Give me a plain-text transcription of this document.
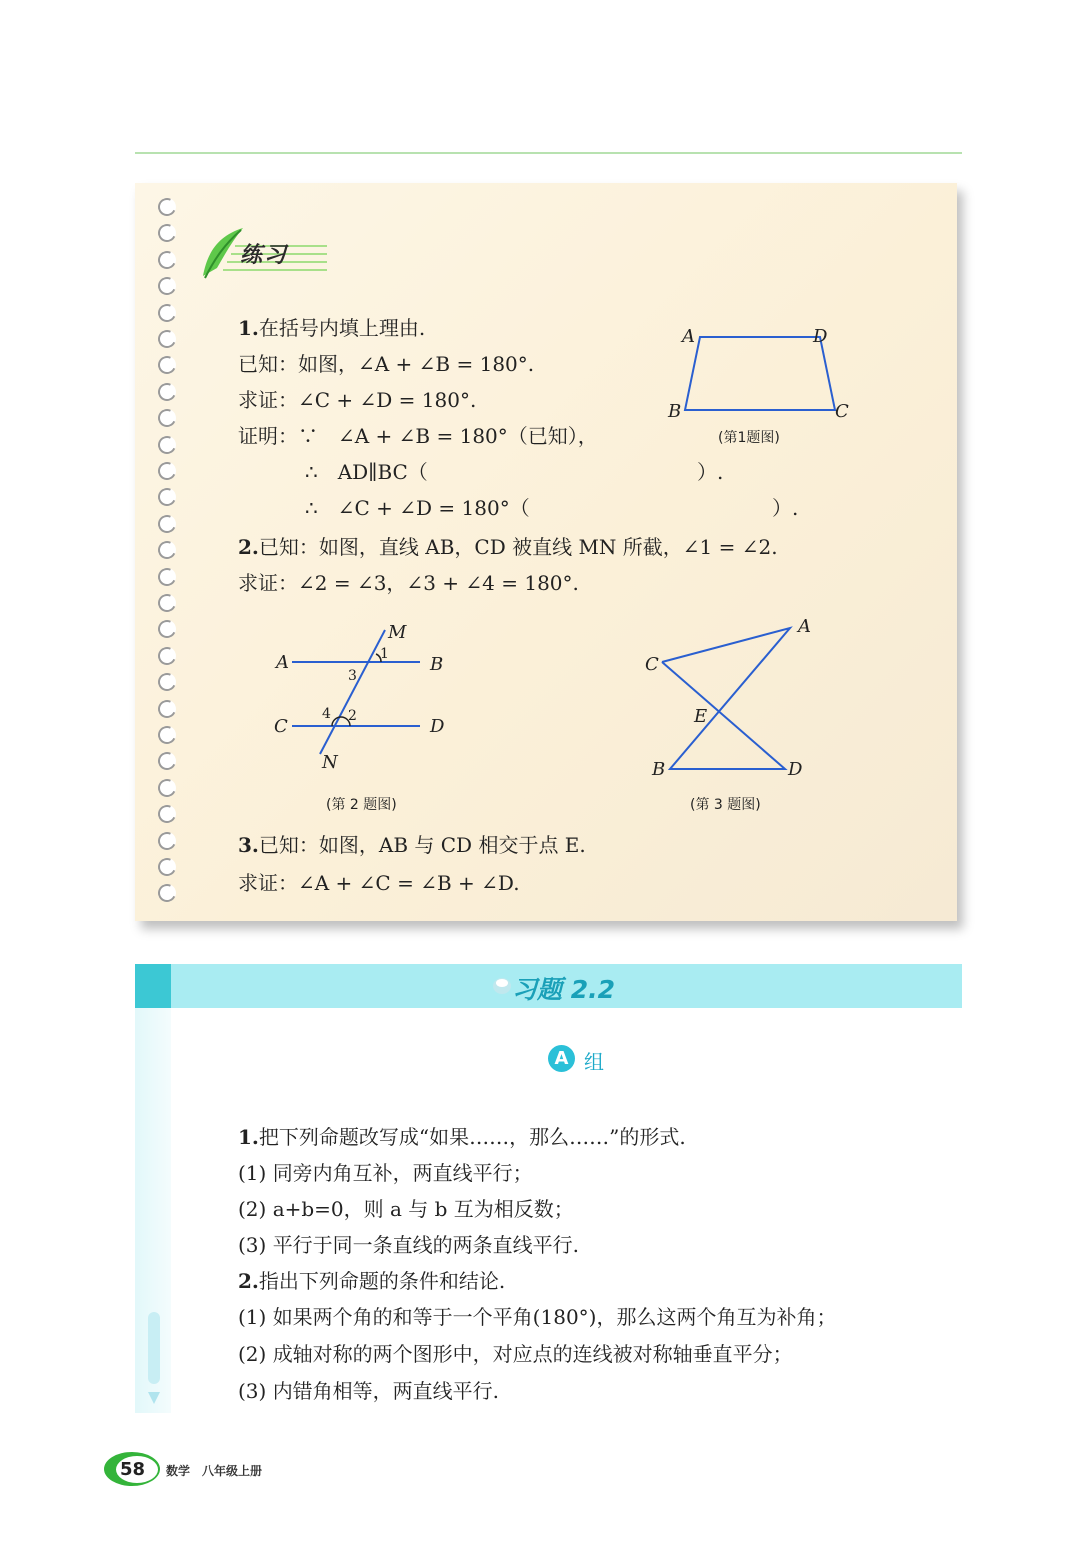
练习
1.在括号内填上理由.
已知：如图，∠A + ∠B = 180°.
求证：∠C + ∠D = 180°.
证明：∵　∠A + ∠B = 180°（已知），
∴　AD∥BC（	）.
∴　∠C + ∠D = 180°（	）.
A	D
B	C
(第1题图)
2.已知：如图，直线 AB，CD 被直线 MN 所截，∠1 = ∠2.
求证：∠2 = ∠3，∠3 + ∠4 = 180°.
M
A	B
C	D
N
1
2
3
4
(第 2 题图)
A
C
E
B	D
(第 3 题图)
3.已知：如图，AB 与 CD 相交于点 E.
求证：∠A + ∠C = ∠B + ∠D.
习题 2.2
A 组
1.把下列命题改写成“如果……，那么……”的形式.
(1) 同旁内角互补，两直线平行；
(2) a+b=0，则 a 与 b 互为相反数；
(3) 平行于同一条直线的两条直线平行.
2.指出下列命题的条件和结论.
(1) 如果两个角的和等于一个平角(180°)，那么这两个角互为补角；
(2) 成轴对称的两个图形中，对应点的连线被对称轴垂直平分；
(3) 内错角相等，两直线平行.
58 数学　八年级上册
